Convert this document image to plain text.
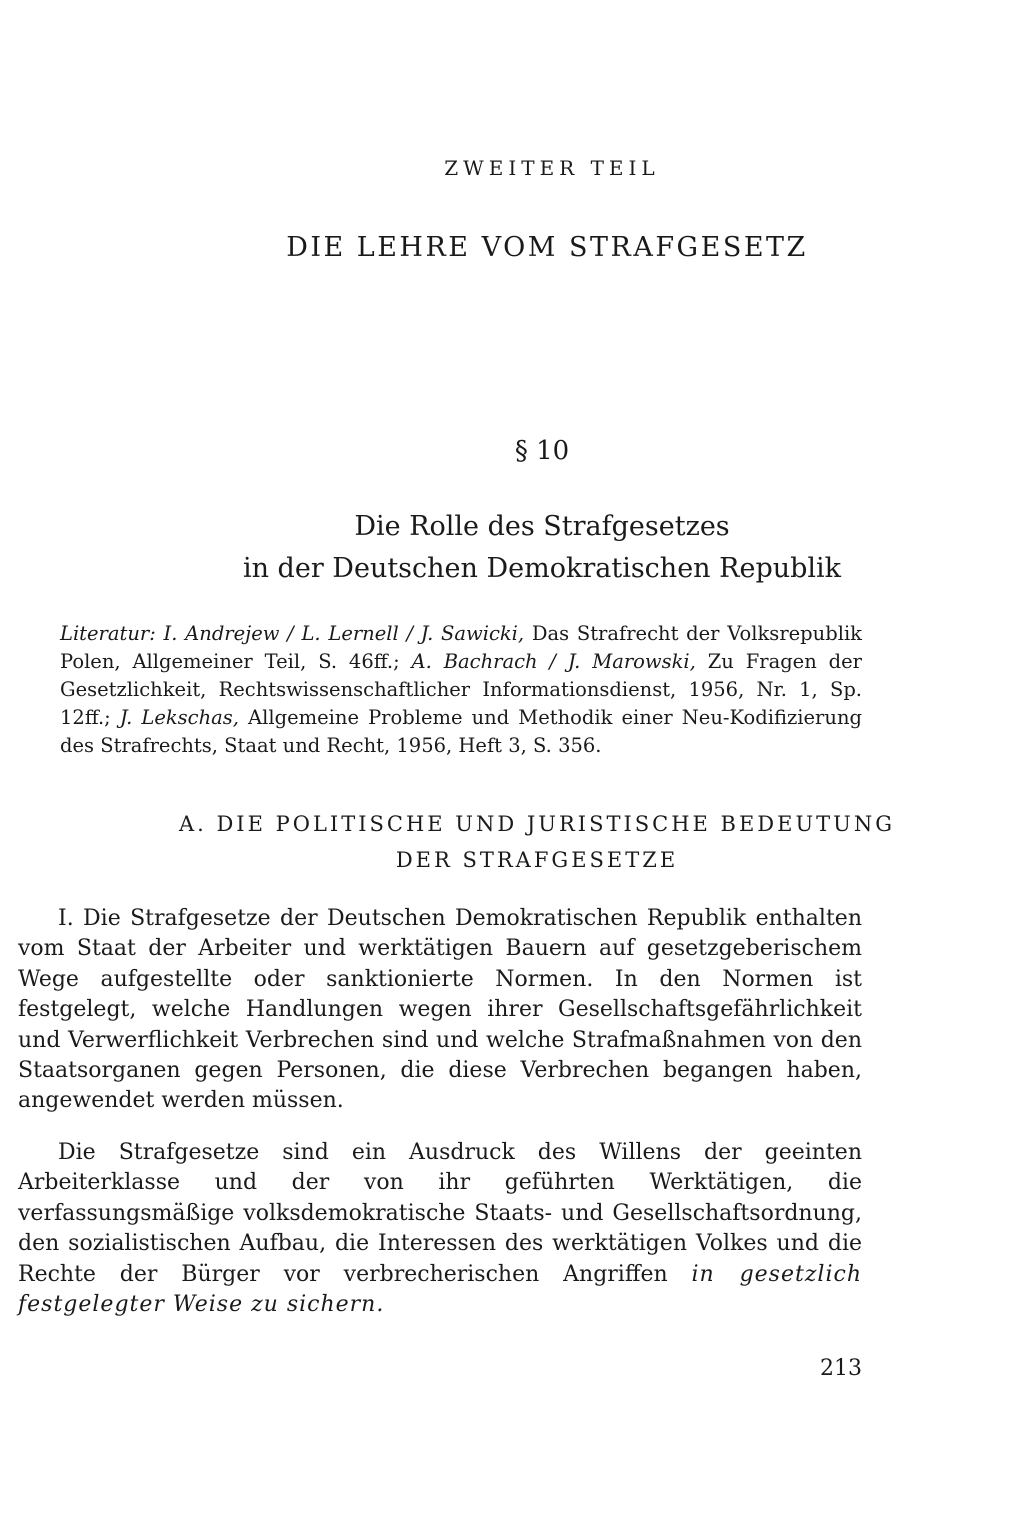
ZWEITER TEIL

DIE LEHRE VOM STRAFGESETZ

§ 10

Die Rolle des Strafgesetzes
in der Deutschen Demokratischen Republik

Literatur: I. Andrejew / L. Lernell / J. Sawicki, Das Strafrecht der Volksrepublik Polen, Allgemeiner Teil, S. 46ff.; A. Bachrach / J. Marowski, Zu Fragen der Gesetzlichkeit, Rechtswissenschaftlicher Informationsdienst, 1956, Nr. 1, Sp. 12ff.; J. Lekschas, Allgemeine Probleme und Methodik einer Neu-Kodifizierung des Strafrechts, Staat und Recht, 1956, Heft 3, S. 356.

A. DIE POLITISCHE UND JURISTISCHE BEDEUTUNG
DER STRAFGESETZE

I. Die Strafgesetze der Deutschen Demokratischen Republik enthalten vom Staat der Arbeiter und werktätigen Bauern auf gesetzgeberischem Wege aufgestellte oder sanktionierte Normen. In den Normen ist festgelegt, welche Handlungen wegen ihrer Gesellschaftsgefährlichkeit und Verwerflichkeit Verbrechen sind und welche Strafmaßnahmen von den Staatsorganen gegen Personen, die diese Verbrechen begangen haben, angewendet werden müssen.

Die Strafgesetze sind ein Ausdruck des Willens der geeinten Arbeiterklasse und der von ihr geführten Werktätigen, die verfassungsmäßige volksdemokratische Staats- und Gesellschaftsordnung, den sozialistischen Aufbau, die Interessen des werktätigen Volkes und die Rechte der Bürger vor verbrecherischen Angriffen in gesetzlich festgelegter Weise zu sichern.

213
